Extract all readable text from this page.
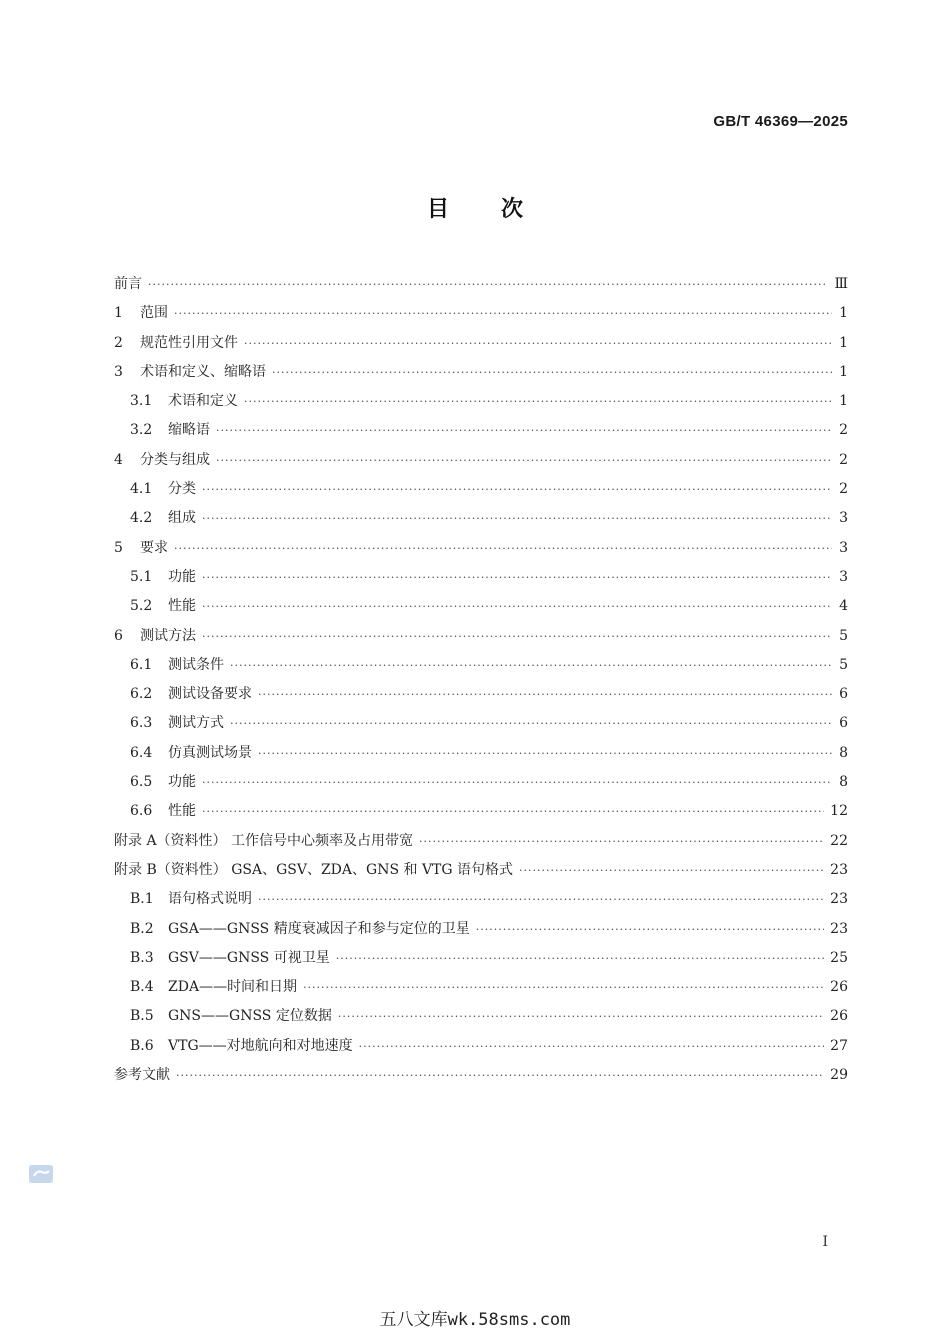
GB/T 46369—2025
目次
前言 ·····	Ⅲ
1	范围 ·····	1
2	规范性引用文件 ·····	1
3	术语和定义、缩略语 ·····	1
3.1	术语和定义 ·····	1
3.2	缩略语 ·····	2
4	分类与组成 ·····	2
4.1	分类 ·····	2
4.2	组成 ·····	3
5	要求 ·····	3
5.1	功能 ·····	3
5.2	性能 ·····	4
6	测试方法 ·····	5
6.1	测试条件 ·····	5
6.2	测试设备要求 ·····	6
6.3	测试方式 ·····	6
6.4	仿真测试场景 ·····	8
6.5	功能 ·····	8
6.6	性能 ·····	12
附录 A（资料性） 工作信号中心频率及占用带宽 ·····	22
附录 B（资料性） GSA、GSV、ZDA、GNS 和 VTG 语句格式 ·····	23
B.1	语句格式说明 ·····	23
B.2	GSA——GNSS 精度衰减因子和参与定位的卫星 ·····	23
B.3	GSV——GNSS 可视卫星 ·····	25
B.4	ZDA——时间和日期 ·····	26
B.5	GNS——GNSS 定位数据 ·····	26
B.6	VTG——对地航向和对地速度 ·····	27
参考文献 ·····	29
Ⅰ
五八文库wk.58sms.com
